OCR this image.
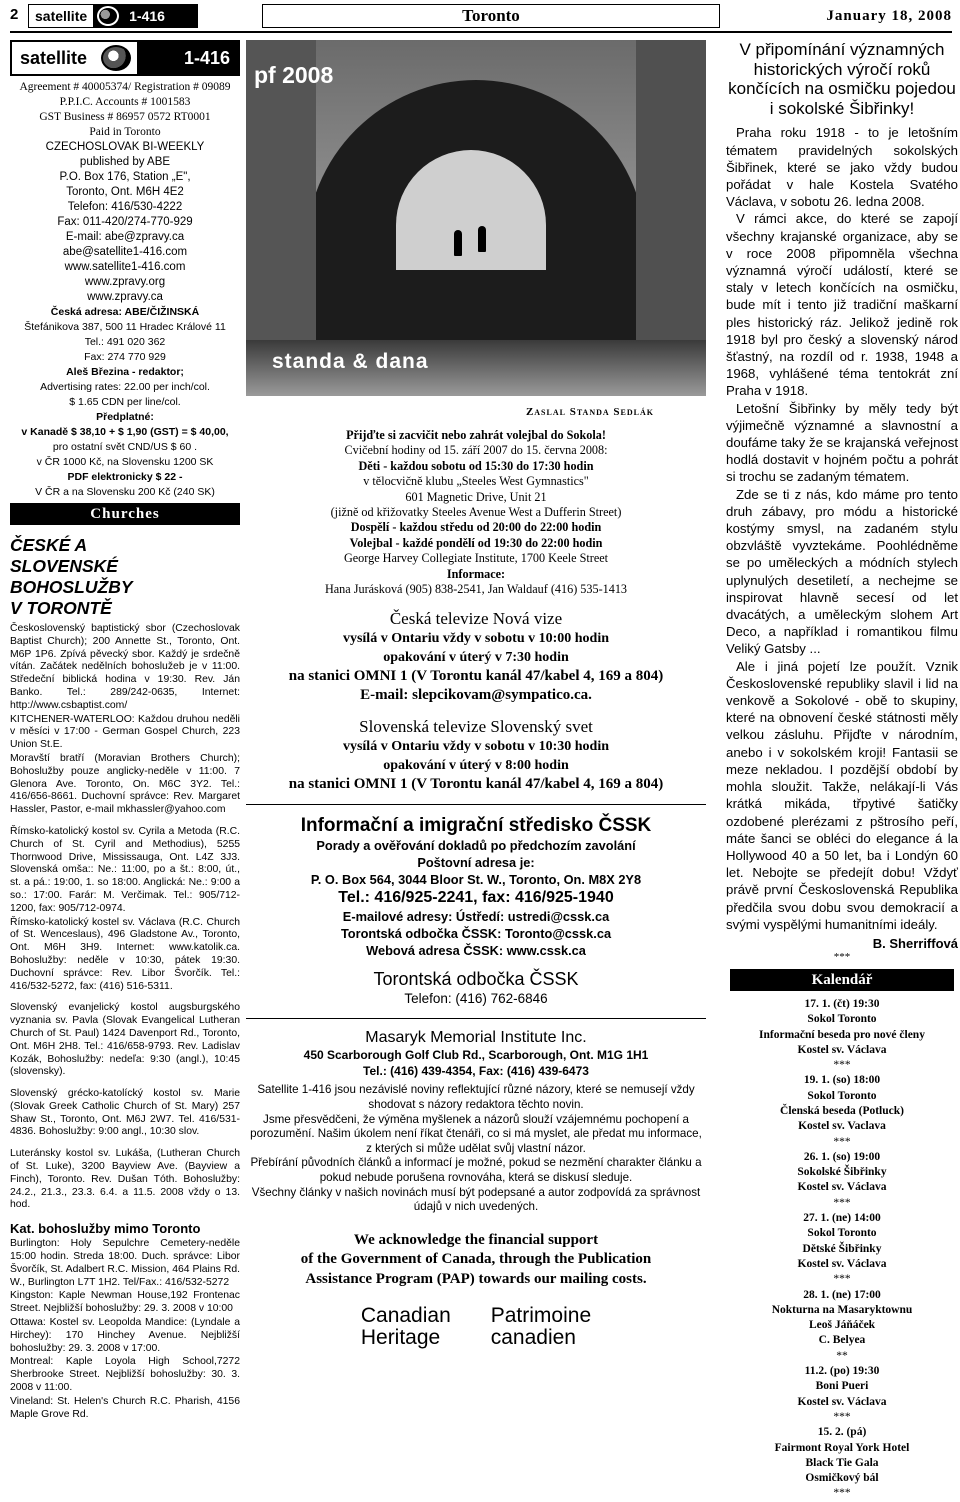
2	satellite	1-416	Toronto	January 18, 2008
satellite	1-416
Agreement # 40005374/ Registration # 09089
P.P.I.C. Accounts # 1001583
GST Business # 86957 0572 RT0001
Paid in Toronto
CZECHOSLOVAK BI-WEEKLY
published by ABE
P.O. Box 176, Station „E",
Toronto, Ont. M6H 4E2
Telefon: 416/530-4222
Fax: 011-420/274-770-929
E-mail: abe@zpravy.ca
abe@satellite1-416.com
www.satellite1-416.com
www.zpravy.org
www.zpravy.ca
Česká adresa: ABE/ČIŽINSKÁ
Štefánikova 387, 500 11 Hradec Králové 11
Tel.: 491 020 362
Fax: 274 770 929
Aleš Březina - redaktor;
Advertising rates: 22.00 per inch/col.
$ 1.65 CDN per line/col.
Předplatné:
v Kanadě $ 38,10 + $ 1,90 (GST) = $ 40,00,
pro ostatní svět CND/US $ 60 .
v ČR 1000 Kč, na Slovensku 1200 SK
PDF elektronicky $ 22 -
V ČR a na Slovensku 200 Kč (240 SK)
Churches
ČESKÉ A
SLOVENSKÉ
BOHOSLUŽBY
V TORONTĚ
Československý baptistický sbor (Czechoslovak Baptist Church); 200 Annette St., Toronto, Ont. M6P 1P6. Zpívá pěvecký sbor. Každý je srdečně vítán. Začátek nedělních bohoslužeb je v 11:00. Středeční biblická hodina v 19:30. Rev. Ján Banko. Tel.: 289/242-0635, Internet: http://www.csbaptist.com/
KITCHENER-WATERLOO: Každou druhou neděli v měsíci v 17:00 - German Gospel Church, 223 Union St.E.
Moravští bratří (Moravian Brothers Church); Bohoslužby pouze anglicky-neděle v 11:00. 7 Glenora Ave. Toronto, On. M6C 3Y2. Tel.: 416/656-8661. Duchovní správce: Rev. Margaret Hassler, Pastor, e-mail mkhassler@yahoo.com
Římsko-katolický kostol sv. Cyrila a Metoda (R.C. Church of St. Cyril and Methodius), 5255 Thornwood Drive, Mississauga, Ont. L4Z 3J3. Slovenská omša:: Ne.: 11:00, po a št.: 8:00, út., st. a pá.: 19:00, 1. so 18:00. Anglická: Ne.: 9:00 a so.: 17:00. Farár: M. Verčimak. Tel.: 905/712-1200, fax: 905/712-0974.
Římsko-katolický kostel sv. Václava (R.C. Church of St. Wenceslaus), 496 Gladstone Av., Toronto, Ont. M6H 3H9. Internet: www.katolik.ca. Bohoslužby: neděle v 10:30, pátek 19:30. Duchovní správce: Rev. Libor Švorčík. Tel.: 416/532-5272, fax: (416) 516-5311.
Slovenský evanjelický kostol augsburgského vyznania sv. Pavla (Slovak Evangelical Lutheran Church of St. Paul) 1424 Davenport Rd., Toronto, Ont. M6H 2H8. Tel.: 416/658-9793. Rev. Ladislav Kozák, Bohoslužby: nedeľa: 9:30 (angl.), 10:45 (slovensky).
Slovenský grécko-katolícký kostol sv. Marie (Slovak Greek Catholic Church of St. Mary) 257 Shaw St., Toronto, Ont. M6J 2W7. Tel. 416/531-4836. Bohoslužby: 9:00 angl., 10:30 slov.
Luteránsky kostol sv. Lukáša, (Lutheran Church of St. Luke), 3200 Bayview Ave. (Bayview a Finch), Toronto. Rev. Dušan Tóth. Bohoslužby: 24.2., 21.3., 23.3. 6.4. a 11.5. 2008 vždy o 13. hod.
Kat. bohoslužby mimo Toronto
Burlington: Holy Sepulchre Cemetery-neděle 15:00 hodin. Streda 18:00. Duch. správce: Libor Švorčík, St. Adalbert R.C. Mission, 464 Plains Rd. W., Burlington L7T 1H2. Tel/Fax.: 416/532-5272
Kingston: Kaple Newman House,192 Frontenac Street. Nejbližší bohoslužby: 29. 3. 2008 v 10:00
Ottawa: Kostel sv. Leopolda Mandice: (Lyndale a Hirchey): 170 Hinchey Avenue. Nejbližší bohoslužby: 29. 3. 2008 v 17:00.
Montreal: Kaple Loyola High School,7272 Sherbrooke Street. Nejbližší bohoslužby: 30. 3. 2008 v 11:00.
Vineland: St. Helen's Church R.C. Pharish, 4156 Maple Grove Rd.
pf 2008
standa & dana
Zaslal Standa Sedlák
Přijďte si zacvičit nebo zahrát volejbal do Sokola!
Cvičební hodiny od 15. září 2007 do 15. června 2008:
Děti - každou sobotu od 15:30 do 17:30 hodin
v tělocvičně klubu „Steeles West Gymnastics"
601 Magnetic Drive, Unit 21
(jižně od křižovatky Steeles Avenue West a Dufferin Street)
Dospělí - každou středu od 20:00 do 22:00 hodin
Volejbal - každé pondělí od 19:30 do 22:00 hodin
George Harvey Collegiate Institute, 1700 Keele Street
Informace:
Hana Jurásková (905) 838-2541, Jan Waldauf (416) 535-1413
Česká televize Nová vize
vysílá v Ontariu vždy v sobotu v 10:00 hodin
opakování v úterý v 7:30 hodin
na stanici OMNI 1 (V Torontu kanál 47/kabel 4, 169 a 804)
E-mail: slepcikovam@sympatico.ca.
Slovenská televize Slovenský svet
vysílá v Ontariu vždy v sobotu v 10:30 hodin
opakování v úterý v 8:00 hodin
na stanici OMNI 1 (V Torontu kanál 47/kabel 4, 169 a 804)
Informační a imigrační středisko ČSSK
Porady a ověřování dokladů po předchozím zavolání
Poštovní adresa je:
P. O. Box 564, 3044 Bloor St. W., Toronto, On. M8X 2Y8
Tel.: 416/925-2241, fax: 416/925-1940
E-mailové adresy: Ústředí: ustredi@cssk.ca
Torontská odbočka ČSSK: Toronto@cssk.ca
Webová adresa ČSSK: www.cssk.ca
Torontská odbočka ČSSK
Telefon: (416) 762-6846
Masaryk Memorial Institute Inc.
450 Scarborough Golf Club Rd., Scarborough, Ont. M1G 1H1
Tel.: (416) 439-4354, Fax: (416) 439-6473
Satellite 1-416 jsou nezávislé noviny reflektující různé názory, které se nemusejí vždy shodovat s názory redaktora těchto novin.
Jsme přesvědčeni, že výměna myšlenek a názorů slouží vzájemnému pochopení a porozumění. Našim úkolem není říkat čtenáři, co si má myslet, ale předat mu informace, z kterých si může udělat svůj vlastní názor.
Přebírání původních článků a informací je možné, pokud se nezmění charakter článku a pokud nebude porušena rovnováha, která se diskusí sleduje.
Všechny články v našich novinách musí být podepsané a autor zodpovídá za správnost údajů v nich uvedených.
We acknowledge the financial support
of the Government of Canada, through the Publication
Assistance Program (PAP) towards our mailing costs.
Canadian
Heritage
Patrimoine
canadien
V připomínání významných historických výročí roků končících na osmičku pojedou i sokolské Šibřinky!

Praha roku 1918 - to je letošním tématem pravidelných sokolských Šibřinek, které se jako vždy budou pořádat v hale Kostela Svatého Václava, v sobotu 26. ledna 2008.

V rámci akce, do které se zapojí všechny krajanské organizace, aby se v roce 2008 připomněla všechna významná výročí událostí, které se staly v letech končících na osmičku, bude mít i tento již tradiční maškarní ples historický ráz. Jelikož jedině rok 1918 byl pro český a slovenský národ šťastný, na rozdíl od r. 1938, 1948 a 1968, vyhlášené téma tentokrát zní Praha v 1918.

Letošní Šibřinky by měly tedy být výjimečně významné a slavnostní a doufáme taky že se krajanská veřejnost hodlá dostavit v hojném počtu a pohrát si trochu se zadaným tématem.

Zde se ti z nás, kdo máme pro tento druh zábavy, pro módu a historické kostýmy smysl, na zadaném stylu obzvláště vyvztekáme. Poohlédněme se po uměleckých a módních stylech uplynulých desetiletí, a nechejme se inspirovat hlavně secesí od let dvacátých, a uměleckým slohem Art Deco, a například i romantikou filmu Veliký Gatsby ...

Ale i jiná pojetí lze použít. Vznik Československé republiky slavil i lid na venkově a Sokolové - obě to skupiny, které na obnovení české státnosti měly velkou zásluhu. Přijďte v národním, anebo i v sokolském kroji! Fantasii se meze nekladou. I pozdější období by mohla sloužit. Takže, nelákají-li Vás krátká mikáda, třpytivé šatičky ozdobené plerézami z pštrosího peří, máte šanci se obléci do elegance á la Hollywood 40 a 50 let, ba i Londýn 60 let. Nebojte se předejít dobu! Vždyť právě první Československá Republika předčila svou dobu svou demokracií a svými vyspělými humanitními ideály.

B. Sherriffová
***
Kalendář
17. 1. (čt) 19:30
Sokol Toronto
Informační beseda pro nové členy
Kostel sv. Václava
***
19. 1. (so) 18:00
Sokol Toronto
Členská beseda (Potluck)
Kostel sv. Vaclava
***
26. 1. (so) 19:00
Sokolské Šibřinky
Kostel sv. Václava
***
27. 1. (ne) 14:00
Sokol Toronto
Dětské Šibřinky
Kostel sv. Václava
***
28. 1. (ne) 17:00
Nokturna na Masaryktownu
Leoš Jáňáček
C. Belyea
**
11.2. (po) 19:30
Boni Pueri
Kostel sv. Václava
***
15. 2. (pá)
Fairmont Royal York Hotel
Black Tie Gala
Osmičkový bál
***
